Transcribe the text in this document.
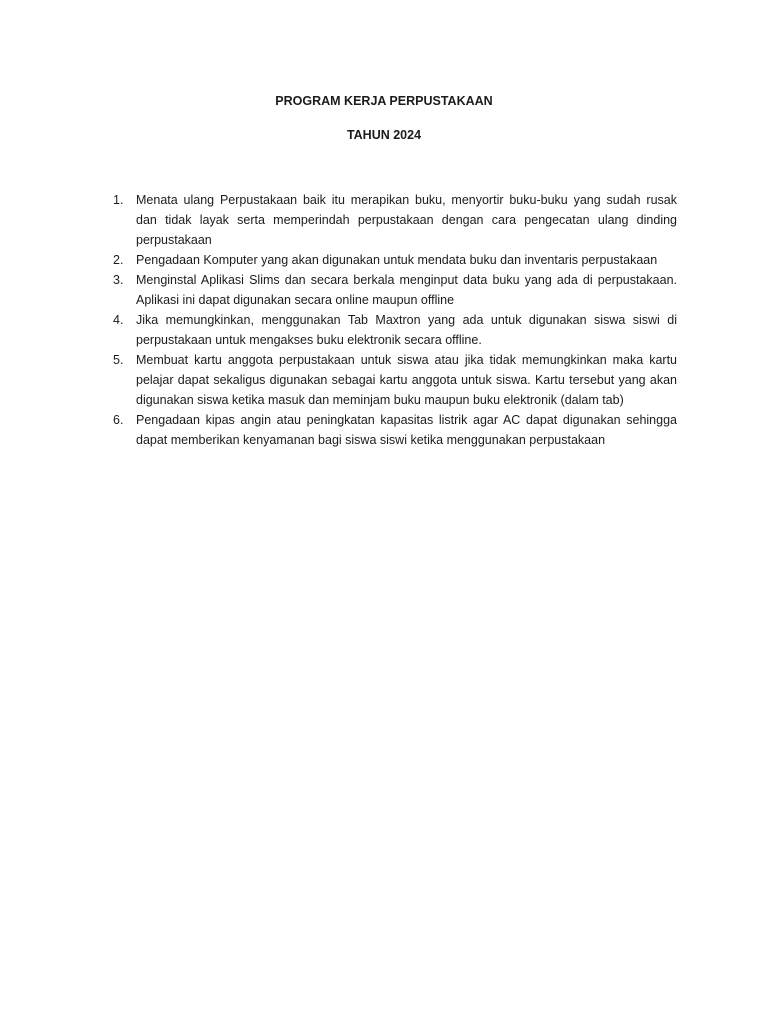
PROGRAM KERJA PERPUSTAKAAN
TAHUN 2024
1.	Menata ulang Perpustakaan baik itu merapikan buku, menyortir buku-buku yang sudah rusak
dan tidak layak serta memperindah perpustakaan dengan cara pengecatan ulang dinding
perpustakaan
2.	Pengadaan Komputer yang akan digunakan untuk mendata buku dan inventaris perpustakaan
3.	Menginstal Aplikasi Slims dan secara berkala menginput data buku yang ada di perpustakaan.
Aplikasi ini dapat digunakan secara online maupun offline
4.	Jika memungkinkan, menggunakan Tab Maxtron yang ada untuk digunakan siswa siswi di
perpustakaan untuk mengakses buku elektronik secara offline.
5.	Membuat kartu anggota perpustakaan untuk siswa atau jika tidak memungkinkan maka kartu
pelajar dapat sekaligus digunakan sebagai kartu anggota untuk siswa. Kartu tersebut yang akan
digunakan siswa ketika masuk dan meminjam buku maupun buku elektronik (dalam tab)
6.	Pengadaan kipas angin atau peningkatan kapasitas listrik agar AC dapat digunakan sehingga
dapat memberikan kenyamanan bagi siswa siswi ketika menggunakan perpustakaan
